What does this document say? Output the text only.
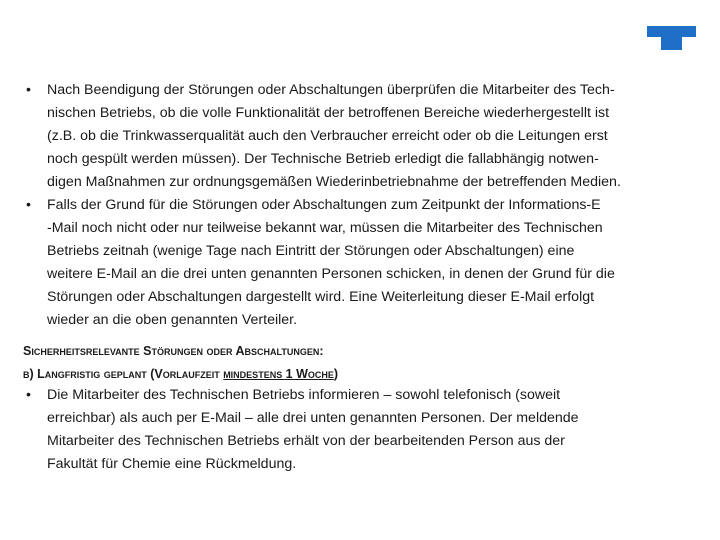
• Nach Beendigung der Störungen oder Abschaltungen überprüfen die Mitarbeiter des Tech-
nischen Betriebs, ob die volle Funktionalität der betroffenen Bereiche wiederhergestellt ist
(z.B. ob die Trinkwasserqualität auch den Verbraucher erreicht oder ob die Leitungen erst
noch gespült werden müssen). Der Technische Betrieb erledigt die fallabhängig notwen-
digen Maßnahmen zur ordnungsgemäßen Wiederinbetriebnahme der betreffenden Medien.
• Falls der Grund für die Störungen oder Abschaltungen zum Zeitpunkt der Informations- E
-Mail noch nicht oder nur teilweise bekannt war, müssen die Mitarbeiter des Technischen
Betriebs zeitnah (wenige Tage nach Eintritt der Störungen oder Abschaltungen) eine
weitere E-Mail an die drei unten genannten Personen schicken, in denen der Grund für die
Störungen oder Abschaltungen dargestellt wird. Eine Weiterleitung dieser E-Mail erfolgt
wieder an die oben genannten Verteiler.
Sicherheitsrelevante Störungen oder Abschaltungen:
b) Langfristig geplant (Vorlaufzeit mindestens 1 Woche)
• Die Mitarbeiter des Technischen Betriebs informieren – sowohl telefonisch (soweit
erreichbar) als auch per E-Mail – alle drei unten genannten Personen. Der meldende
Mitarbeiter des Technischen Betriebs erhält von der bearbeitenden Person aus der
Fakultät für Chemie eine Rückmeldung.
